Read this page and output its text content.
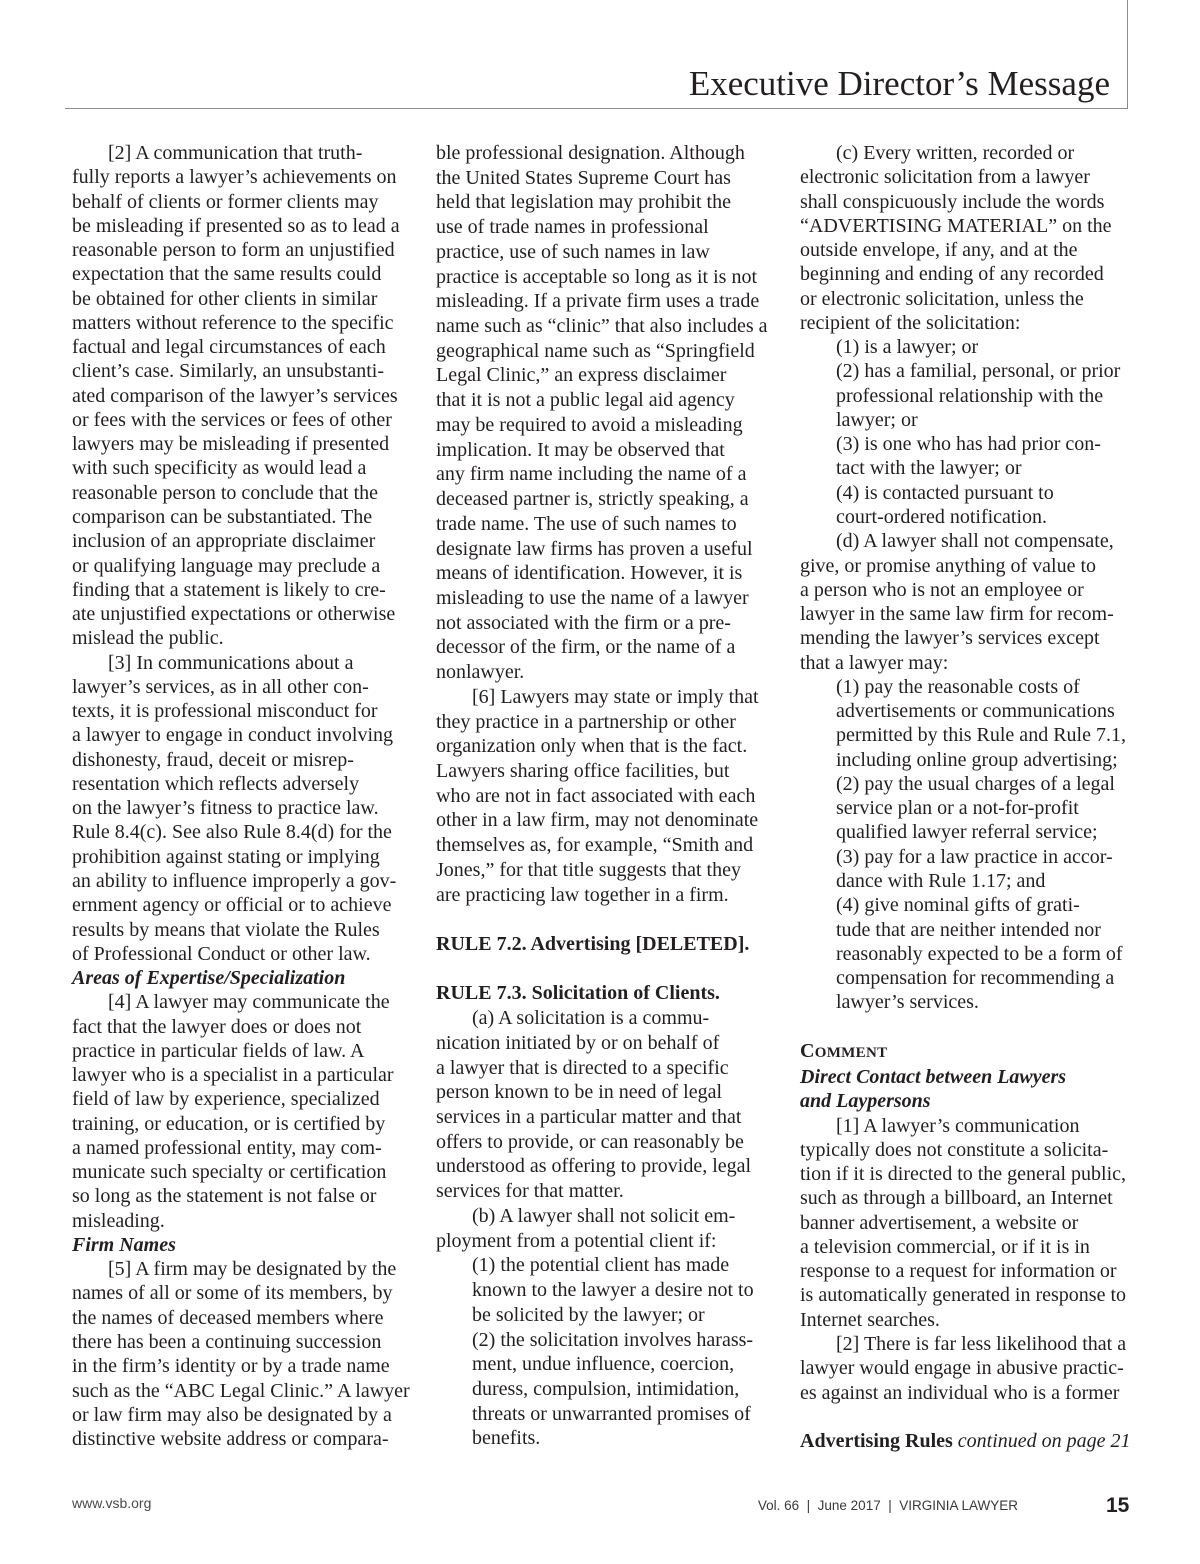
Executive Director’s Message

[2] A communication that truth-
fully reports a lawyer’s achievements on
behalf of clients or former clients may
be misleading if presented so as to lead a
reasonable person to form an unjustified
expectation that the same results could
be obtained for other clients in similar
matters without reference to the specific
factual and legal circumstances of each
client’s case. Similarly, an unsubstanti-
ated comparison of the lawyer’s services
or fees with the services or fees of other
lawyers may be misleading if presented
with such specificity as would lead a
reasonable person to conclude that the
comparison can be substantiated. The
inclusion of an appropriate disclaimer
or qualifying language may preclude a
finding that a statement is likely to cre-
ate unjustified expectations or otherwise
mislead the public.

[3] In communications about a
lawyer’s services, as in all other con-
texts, it is professional misconduct for
a lawyer to engage in conduct involving
dishonesty, fraud, deceit or misrep-
resentation which reflects adversely
on the lawyer’s fitness to practice law.
Rule 8.4(c). See also Rule 8.4(d) for the
prohibition against stating or implying
an ability to influence improperly a gov-
ernment agency or official or to achieve
results by means that violate the Rules
of Professional Conduct or other law.

Areas of Expertise/Specialization

[4] A lawyer may communicate the
fact that the lawyer does or does not
practice in particular fields of law. A
lawyer who is a specialist in a particular
field of law by experience, specialized
training, or education, or is certified by
a named professional entity, may com-
municate such specialty or certification
so long as the statement is not false or
misleading.

Firm Names

[5] A firm may be designated by the
names of all or some of its members, by
the names of deceased members where
there has been a continuing succession
in the firm’s identity or by a trade name
such as the “ABC Legal Clinic.” A lawyer
or law firm may also be designated by a
distinctive website address or compara-

ble professional designation. Although
the United States Supreme Court has
held that legislation may prohibit the
use of trade names in professional
practice, use of such names in law
practice is acceptable so long as it is not
misleading. If a private firm uses a trade
name such as “clinic” that also includes a
geographical name such as “Springfield
Legal Clinic,” an express disclaimer
that it is not a public legal aid agency
may be required to avoid a misleading
implication. It may be observed that
any firm name including the name of a
deceased partner is, strictly speaking, a
trade name. The use of such names to
designate law firms has proven a useful
means of identification. However, it is
misleading to use the name of a lawyer
not associated with the firm or a pre-
decessor of the firm, or the name of a
nonlawyer.

[6] Lawyers may state or imply that
they practice in a partnership or other
organization only when that is the fact.
Lawyers sharing office facilities, but
who are not in fact associated with each
other in a law firm, may not denominate
themselves as, for example, “Smith and
Jones,” for that title suggests that they
are practicing law together in a firm.

RULE 7.2. Advertising [DELETED].

RULE 7.3. Solicitation of Clients.

(a) A solicitation is a commu-
nication initiated by or on behalf of
a lawyer that is directed to a specific
person known to be in need of legal
services in a particular matter and that
offers to provide, or can reasonably be
understood as offering to provide, legal
services for that matter.

(b) A lawyer shall not solicit em-
ployment from a potential client if:

(1) the potential client has made
known to the lawyer a desire not to
be solicited by the lawyer; or

(2) the solicitation involves harass-
ment, undue influence, coercion,
duress, compulsion, intimidation,
threats or unwarranted promises of
benefits.

(c) Every written, recorded or
electronic solicitation from a lawyer
shall conspicuously include the words
“ADVERTISING MATERIAL” on the
outside envelope, if any, and at the
beginning and ending of any recorded
or electronic solicitation, unless the
recipient of the solicitation:

(1) is a lawyer; or

(2) has a familial, personal, or prior
professional relationship with the
lawyer; or

(3) is one who has had prior con-
tact with the lawyer; or

(4) is contacted pursuant to
court-ordered notification.

(d) A lawyer shall not compensate,
give, or promise anything of value to
a person who is not an employee or
lawyer in the same law firm for recom-
mending the lawyer’s services except
that a lawyer may:

(1) pay the reasonable costs of
advertisements or communications
permitted by this Rule and Rule 7.1,
including online group advertising;

(2) pay the usual charges of a legal
service plan or a not-for-profit
qualified lawyer referral service;

(3) pay for a law practice in accor-
dance with Rule 1.17; and

(4) give nominal gifts of grati-
tude that are neither intended nor
reasonably expected to be a form of
compensation for recommending a
lawyer’s services.

COMMENT

Direct Contact between Lawyers
and Laypersons

[1] A lawyer’s communication
typically does not constitute a solicita-
tion if it is directed to the general public,
such as through a billboard, an Internet
banner advertisement, a website or
a television commercial, or if it is in
response to a request for information or
is automatically generated in response to
Internet searches.

[2] There is far less likelihood that a
lawyer would engage in abusive practic-
es against an individual who is a former

Advertising Rules continued on page 21

www.vsb.org	Vol. 66  |  June 2017  |  VIRGINIA LAWYER	15
